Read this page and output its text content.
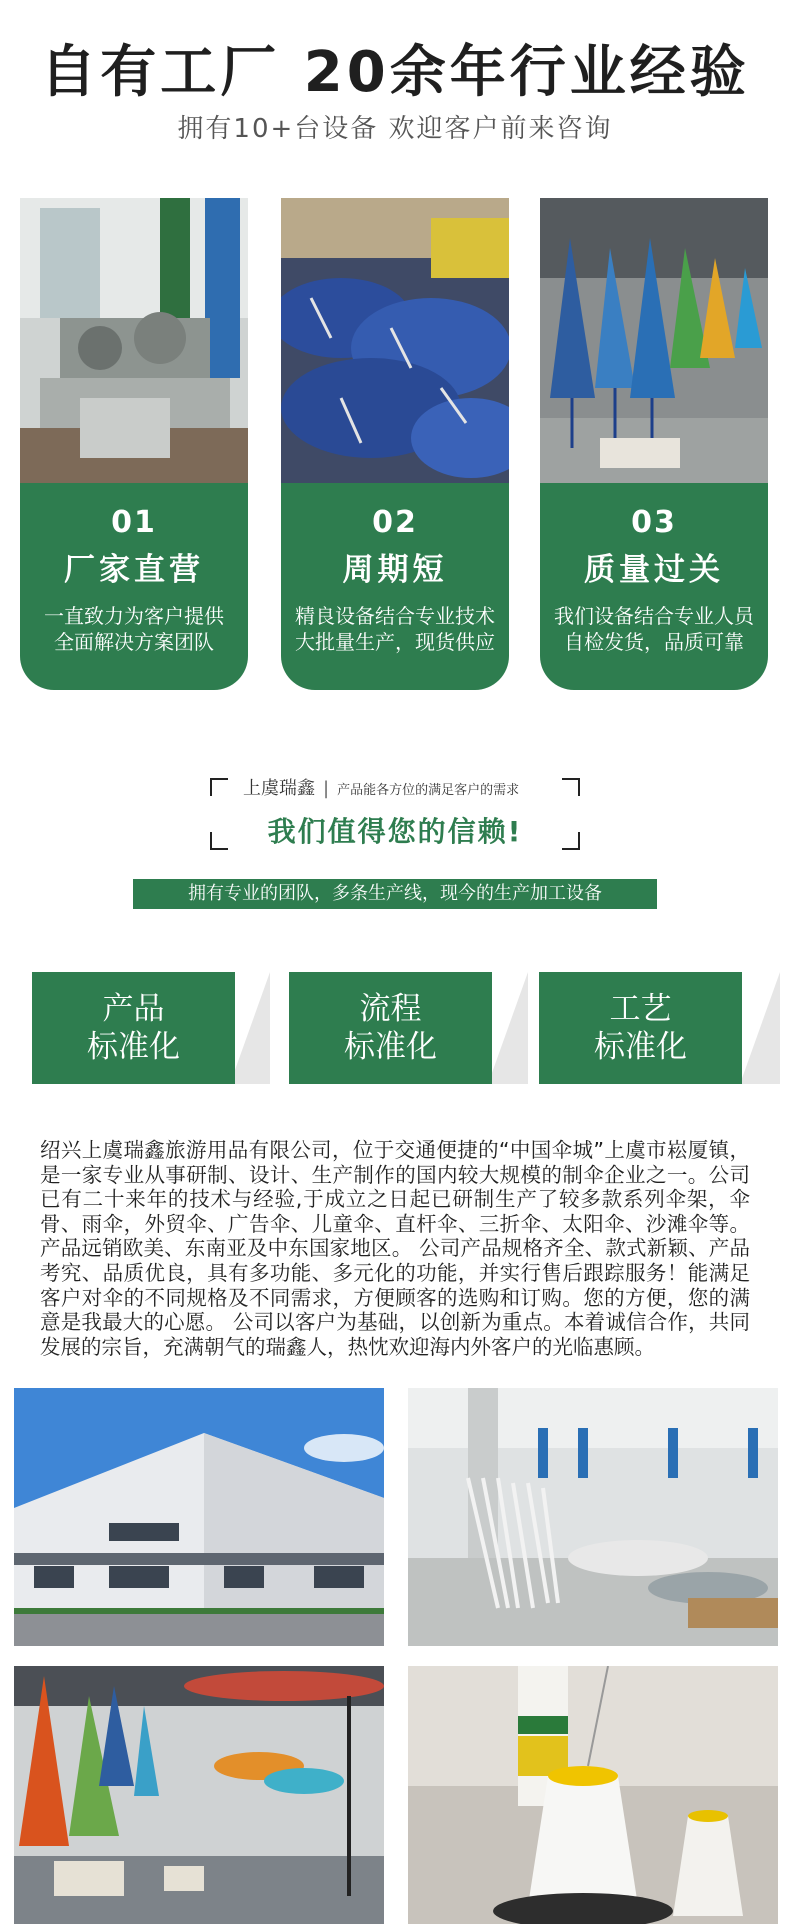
自有工厂 20余年行业经验
拥有10+台设备 欢迎客户前来咨询
01
厂家直营
一直致力为客户提供
全面解决方案团队
02
周期短
精良设备结合专业技术
大批量生产，现货供应
03
质量过关
我们设备结合专业人员
自检发货，品质可靠
上虞瑞鑫 | 产品能各方位的满足客户的需求
我们值得您的信赖!
拥有专业的团队，多条生产线，现今的生产加工设备
产品
标准化
流程
标准化
工艺
标准化
绍兴上虞瑞鑫旅游用品有限公司，位于交通便捷的“中国伞城”上虞市崧厦镇，是一家专业从事研制、设计、生产制作的国内较大规模的制伞企业之一。公司已有二十来年的技术与经验,于成立之日起已研制生产了较多款系列伞架，伞骨、雨伞，外贸伞、广告伞、儿童伞、直杆伞、三折伞、太阳伞、沙滩伞等。产品远销欧美、东南亚及中东国家地区。 公司产品规格齐全、款式新颖、产品考究、品质优良，具有多功能、多元化的功能，并实行售后跟踪服务！能满足客户对伞的不同规格及不同需求，方便顾客的选购和订购。您的方便，您的满意是我最大的心愿。 公司以客户为基础，以创新为重点。本着诚信合作，共同发展的宗旨，充满朝气的瑞鑫人，热忱欢迎海内外客户的光临惠顾。
